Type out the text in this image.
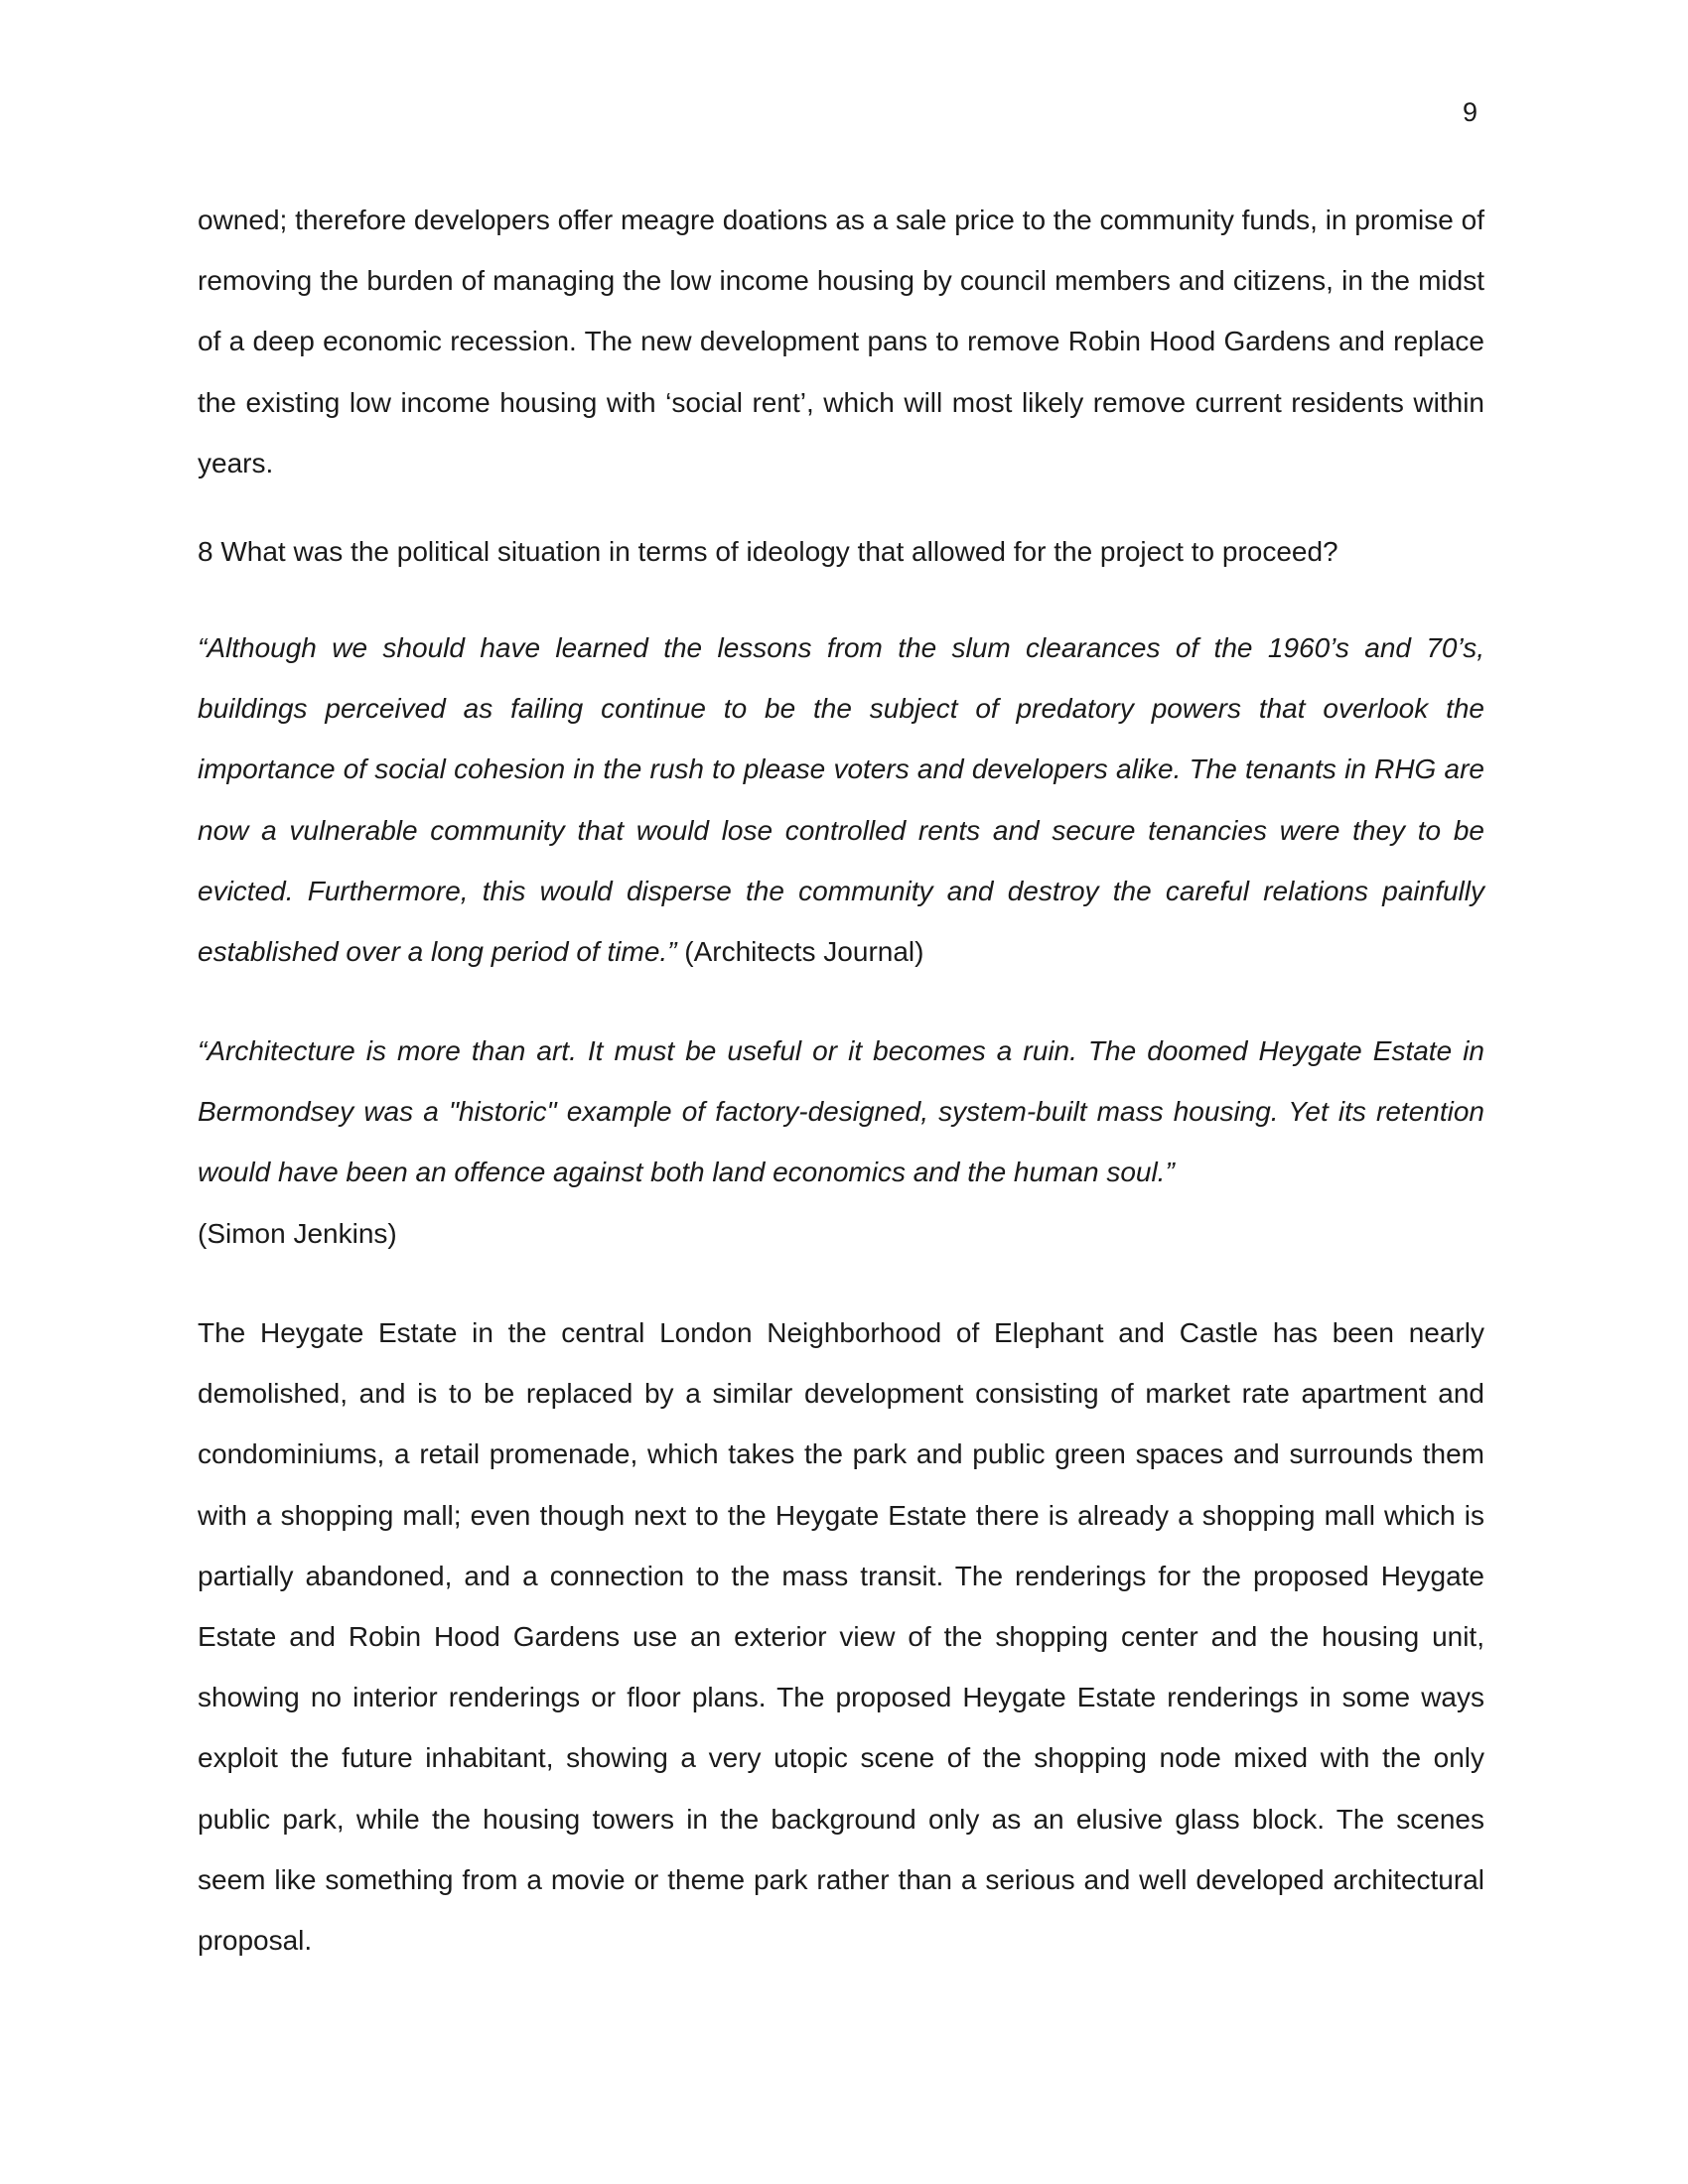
9

owned; therefore developers offer meagre doations as a sale price to the community funds, in promise of removing the burden of managing the low income housing by council members and citizens, in the midst of a deep economic recession. The new development pans to remove Robin Hood Gardens and replace the existing low income housing with ‘social rent’, which will most likely remove current residents within years.

8 What was the political situation in terms of ideology that allowed for the project to proceed?

“Although we should have learned the lessons from the slum clearances of the 1960’s and 70’s, buildings perceived as failing continue to be the subject of predatory powers that overlook the importance of social cohesion in the rush to please voters and developers alike. The tenants in RHG are now a vulnerable community that would lose controlled rents and secure tenancies were they to be evicted. Furthermore, this would disperse the community and destroy the careful relations painfully established over a long period of time.” (Architects Journal)

“Architecture is more than art. It must be useful or it becomes a ruin. The doomed Heygate Estate in Bermondsey was a "historic" example of factory-designed, system-built mass housing. Yet its retention would have been an offence against both land economics and the human soul.”
(Simon Jenkins)

The Heygate Estate in the central London Neighborhood of Elephant and Castle has been nearly demolished, and is to be replaced by a similar development consisting of market rate apartment and condominiums, a retail promenade, which takes the park and public green spaces and surrounds them with a shopping mall; even though next to the Heygate Estate there is already a shopping mall which is partially abandoned, and a connection to the mass transit. The renderings for the proposed Heygate Estate and Robin Hood Gardens use an exterior view of the shopping center and the housing unit, showing no interior renderings or floor plans. The proposed Heygate Estate renderings in some ways exploit the future inhabitant, showing a very utopic scene of the shopping node mixed with the only public park, while the housing towers in the background only as an elusive glass block. The scenes seem like something from a movie or theme park rather than a serious and well developed architectural proposal.
